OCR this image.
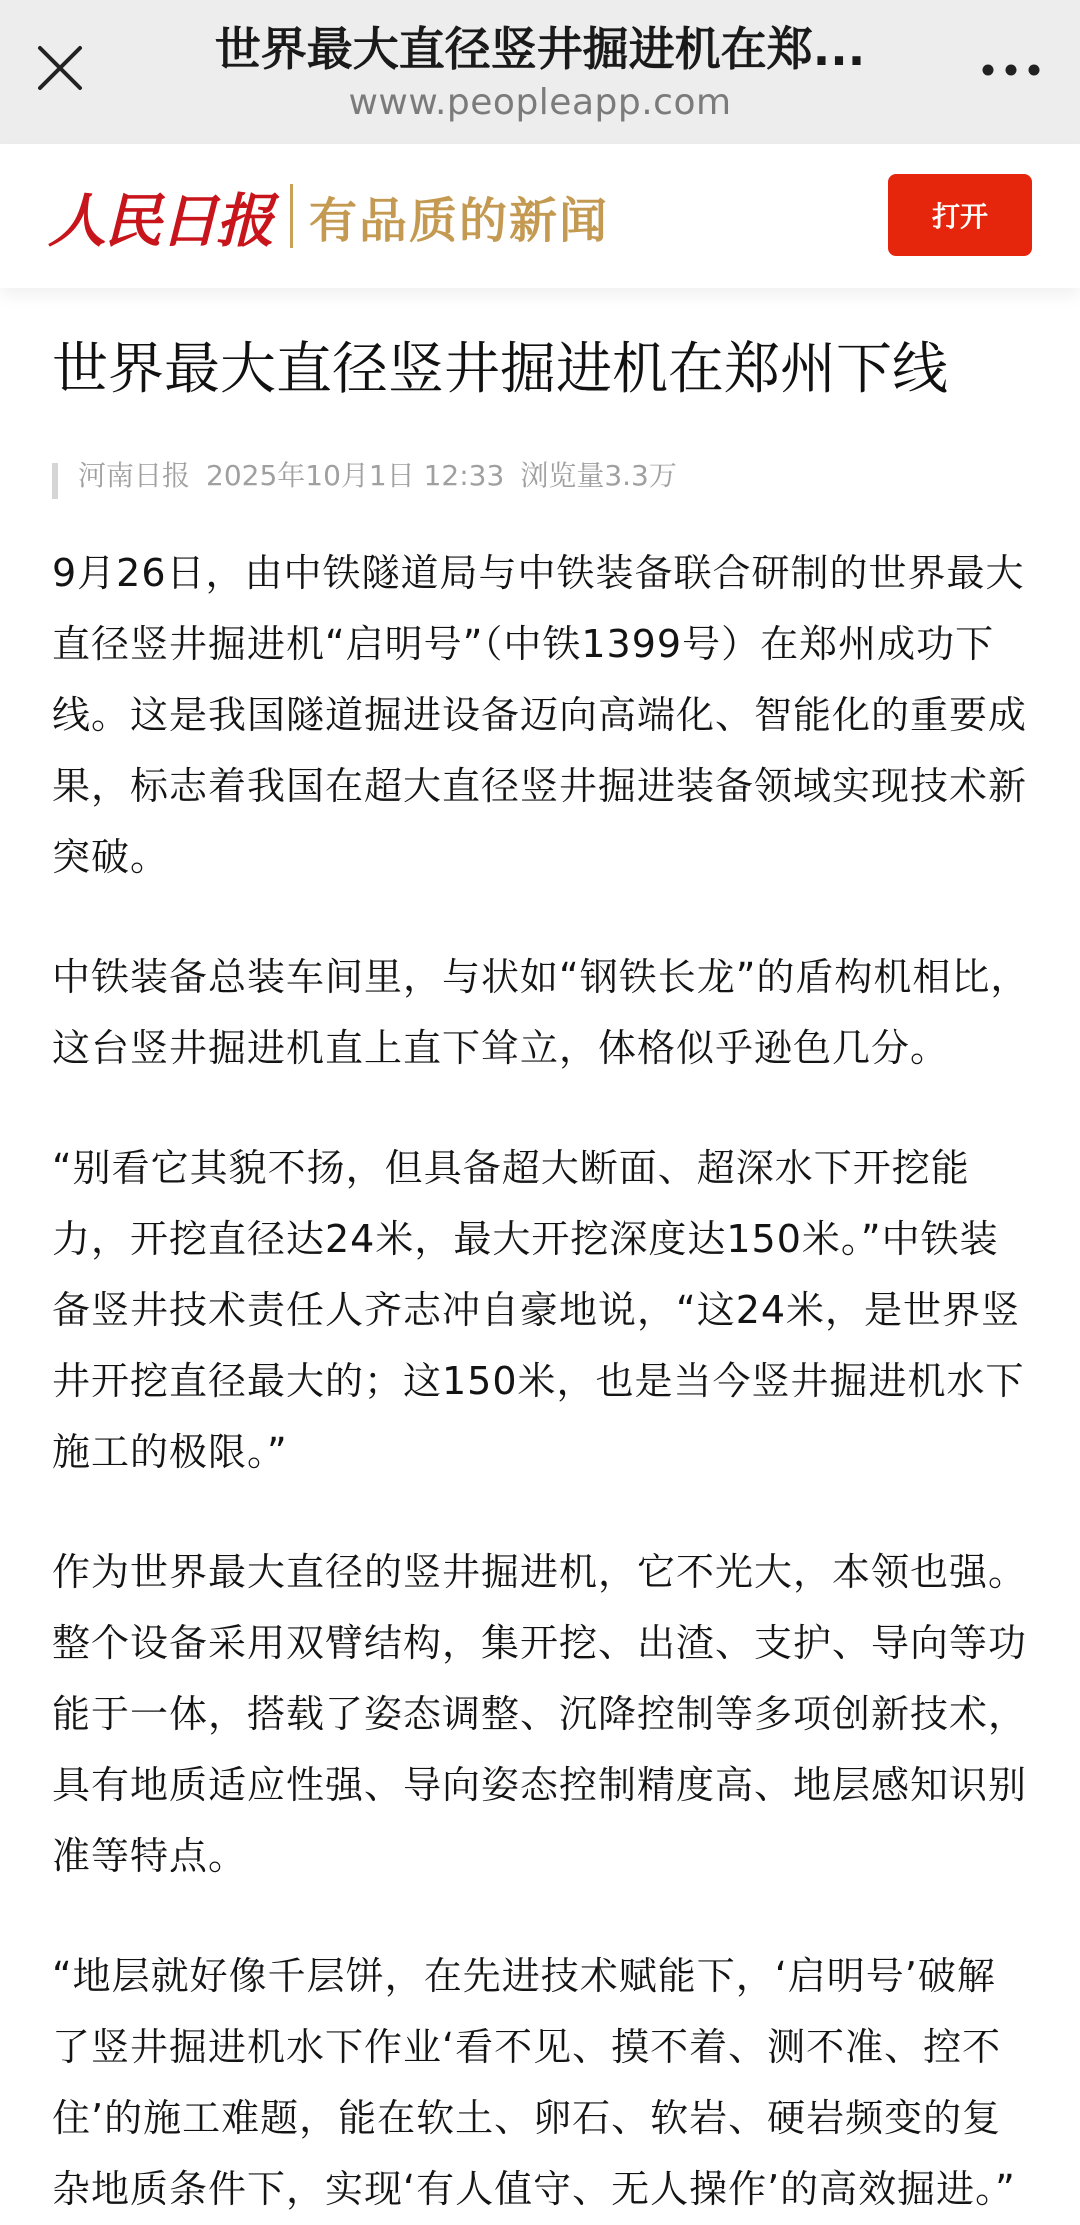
世界最大直径竖井掘进机在郑...
www.peopleapp.com
人民日报 有品质的新闻	打开
世界最大直径竖井掘进机在郑州下线
河南日报 2025年10月1日 12:33 浏览量3.3万

9月26日，由中铁隧道局与中铁装备联合研制的世界最大直径竖井掘进机“启明号”（中铁1399号）在郑州成功下线。这是我国隧道掘进设备迈向高端化、智能化的重要成果，标志着我国在超大直径竖井掘进装备领域实现技术新突破。

中铁装备总装车间里，与状如“钢铁长龙”的盾构机相比，这台竖井掘进机直上直下耸立，体格似乎逊色几分。

“别看它其貌不扬，但具备超大断面、超深水下开挖能力，开挖直径达24米，最大开挖深度达150米。”中铁装备竖井技术责任人齐志冲自豪地说，“这24米，是世界竖井开挖直径最大的；这150米，也是当今竖井掘进机水下施工的极限。”

作为世界最大直径的竖井掘进机，它不光大，本领也强。整个设备采用双臂结构，集开挖、出渣、支护、导向等功能于一体，搭载了姿态调整、沉降控制等多项创新技术，具有地质适应性强、导向姿态控制精度高、地层感知识别准等特点。

“地层就好像千层饼，在先进技术赋能下，‘启明号’破解了竖井掘进机水下作业‘看不见、摸不着、测不准、控不住’的施工难题，能在软土、卵石、软岩、硬岩频变的复杂地质条件下，实现‘有人值守、无人操作’的高效掘进。”
